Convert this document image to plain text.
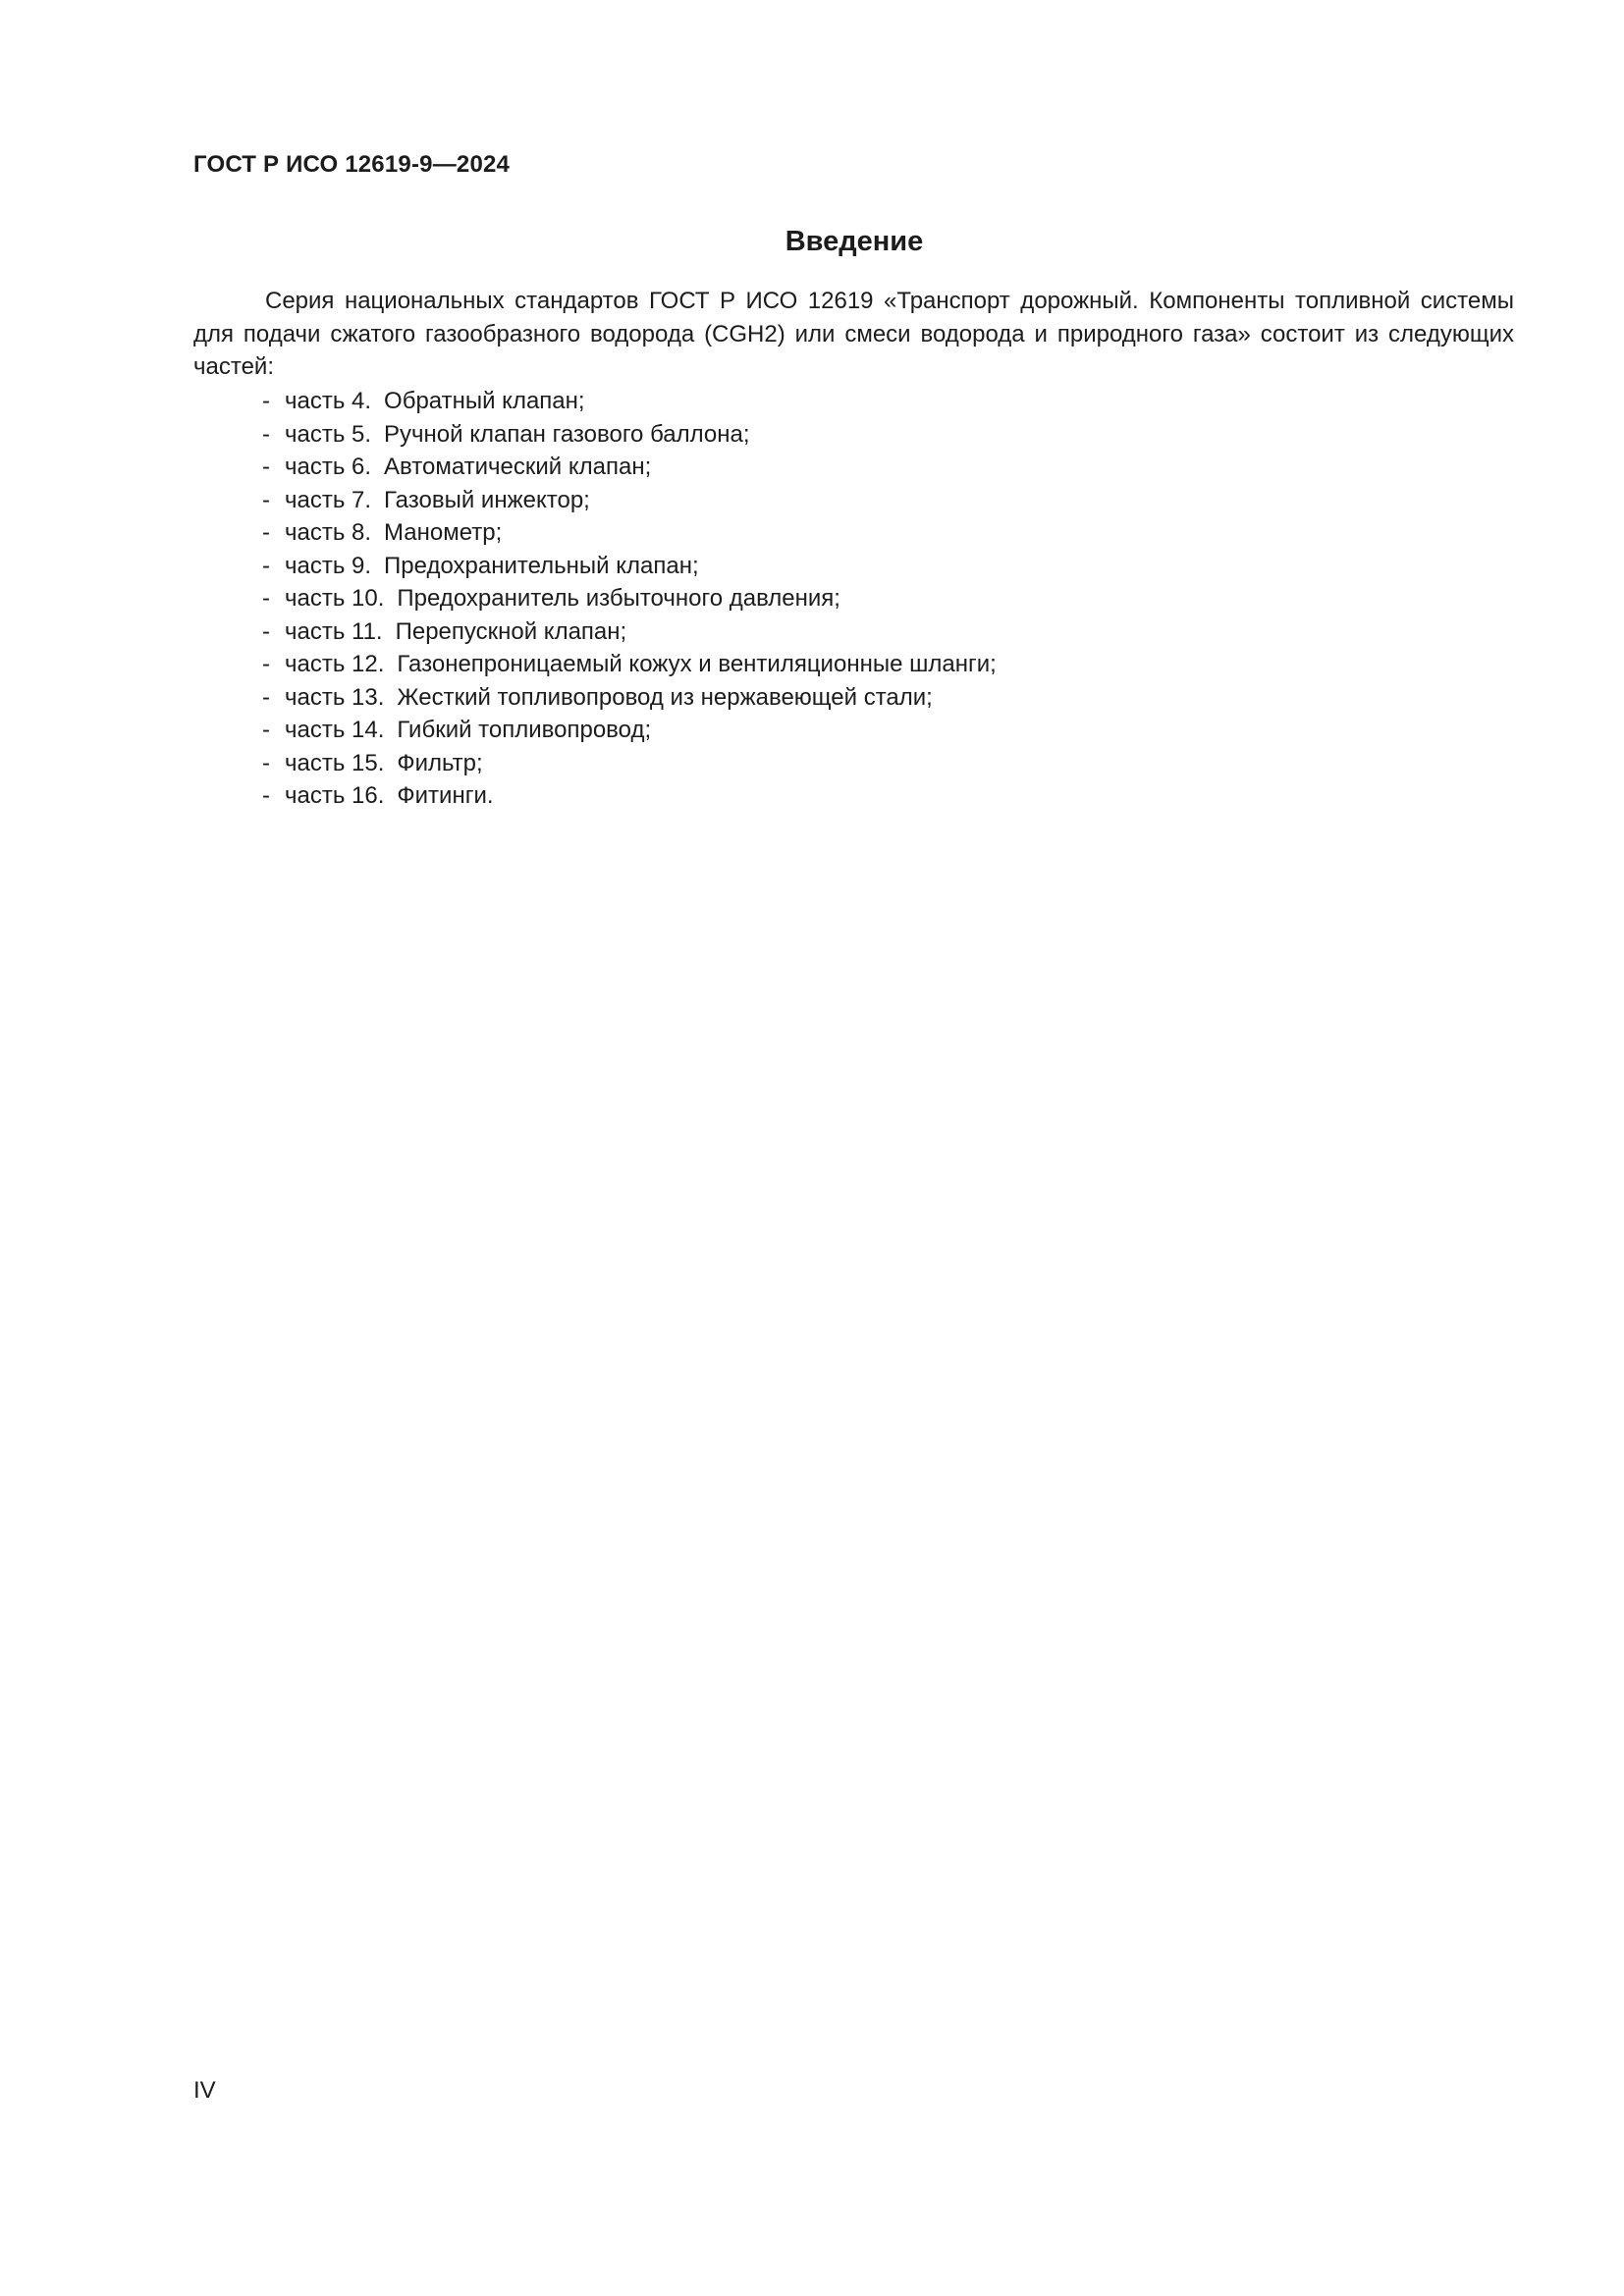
ГОСТ Р ИСО 12619-9—2024
Введение

Серия национальных стандартов ГОСТ Р ИСО 12619 «Транспорт дорожный. Компоненты топливной системы для подачи сжатого газообразного водорода (CGH2) или смеси водорода и природного газа» состоит из следующих частей:

- часть 4. Обратный клапан;
- часть 5. Ручной клапан газового баллона;
- часть 6. Автоматический клапан;
- часть 7. Газовый инжектор;
- часть 8. Манометр;
- часть 9. Предохранительный клапан;
- часть 10. Предохранитель избыточного давления;
- часть 11. Перепускной клапан;
- часть 12. Газонепроницаемый кожух и вентиляционные шланги;
- часть 13. Жесткий топливопровод из нержавеющей стали;
- часть 14. Гибкий топливопровод;
- часть 15. Фильтр;
- часть 16. Фитинги.
IV
